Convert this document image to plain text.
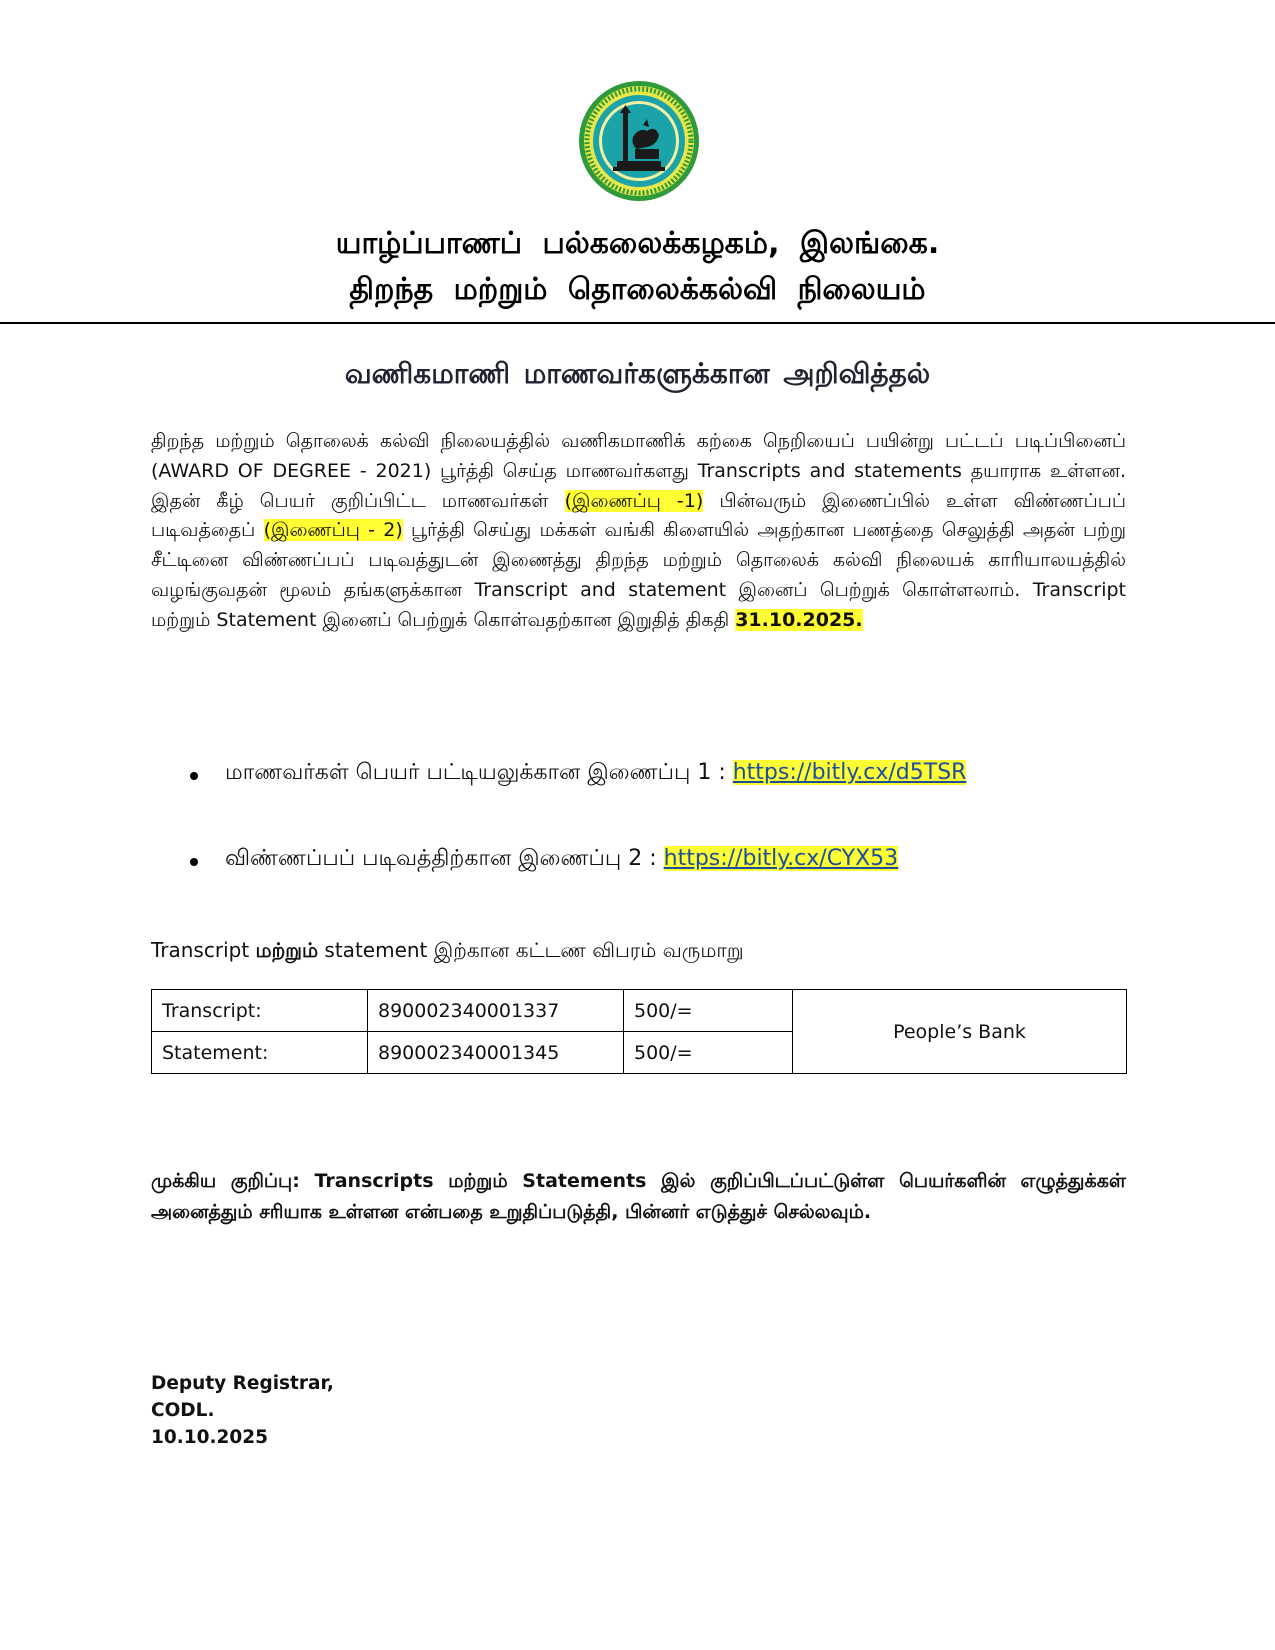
யாழ்ப்பாணப் பல்கலைக்கழகம், இலங்கை.
திறந்த மற்றும் தொலைக்கல்வி நிலையம்
வணிகமாணி மாணவர்களுக்கான அறிவித்தல்
திறந்த மற்றும் தொலைக் கல்வி நிலையத்தில் வணிகமாணிக் கற்கை நெறியைப் பயின்று பட்டப் படிப்பினைப் (AWARD OF DEGREE - 2021) பூர்த்தி செய்த மாணவர்களது Transcripts and statements தயாராக உள்ளன. இதன் கீழ் பெயர் குறிப்பிட்ட மாணவர்கள் (இணைப்பு -1) பின்வரும் இணைப்பில் உள்ள விண்ணப்பப் படிவத்தைப் (இணைப்பு - 2) பூர்த்தி செய்து மக்கள் வங்கி கிளையில் அதற்கான பணத்தை செலுத்தி அதன் பற்று சீட்டினை விண்ணப்பப் படிவத்துடன் இணைத்து திறந்த மற்றும் தொலைக் கல்வி நிலையக் காரியாலயத்தில் வழங்குவதன் மூலம் தங்களுக்கான Transcript and statement இனைப் பெற்றுக் கொள்ளலாம். Transcript மற்றும் Statement இனைப் பெற்றுக் கொள்வதற்கான இறுதித் திகதி 31.10.2025.
மாணவர்கள் பெயர் பட்டியலுக்கான இணைப்பு 1 : https://bitly.cx/d5TSR
விண்ணப்பப் படிவத்திற்கான இணைப்பு 2 : https://bitly.cx/CYX53
Transcript மற்றும் statement இற்கான கட்டண விபரம் வருமாறு
Transcript:	890002340001337	500/=	People’s Bank
Statement:	890002340001345	500/=	
முக்கிய குறிப்பு: Transcripts மற்றும் Statements இல் குறிப்பிடப்பட்டுள்ள பெயர்களின் எழுத்துக்கள் அனைத்தும் சரியாக உள்ளன என்பதை உறுதிப்படுத்தி, பின்னர் எடுத்துச் செல்லவும்.
Deputy Registrar,
CODL.
10.10.2025
